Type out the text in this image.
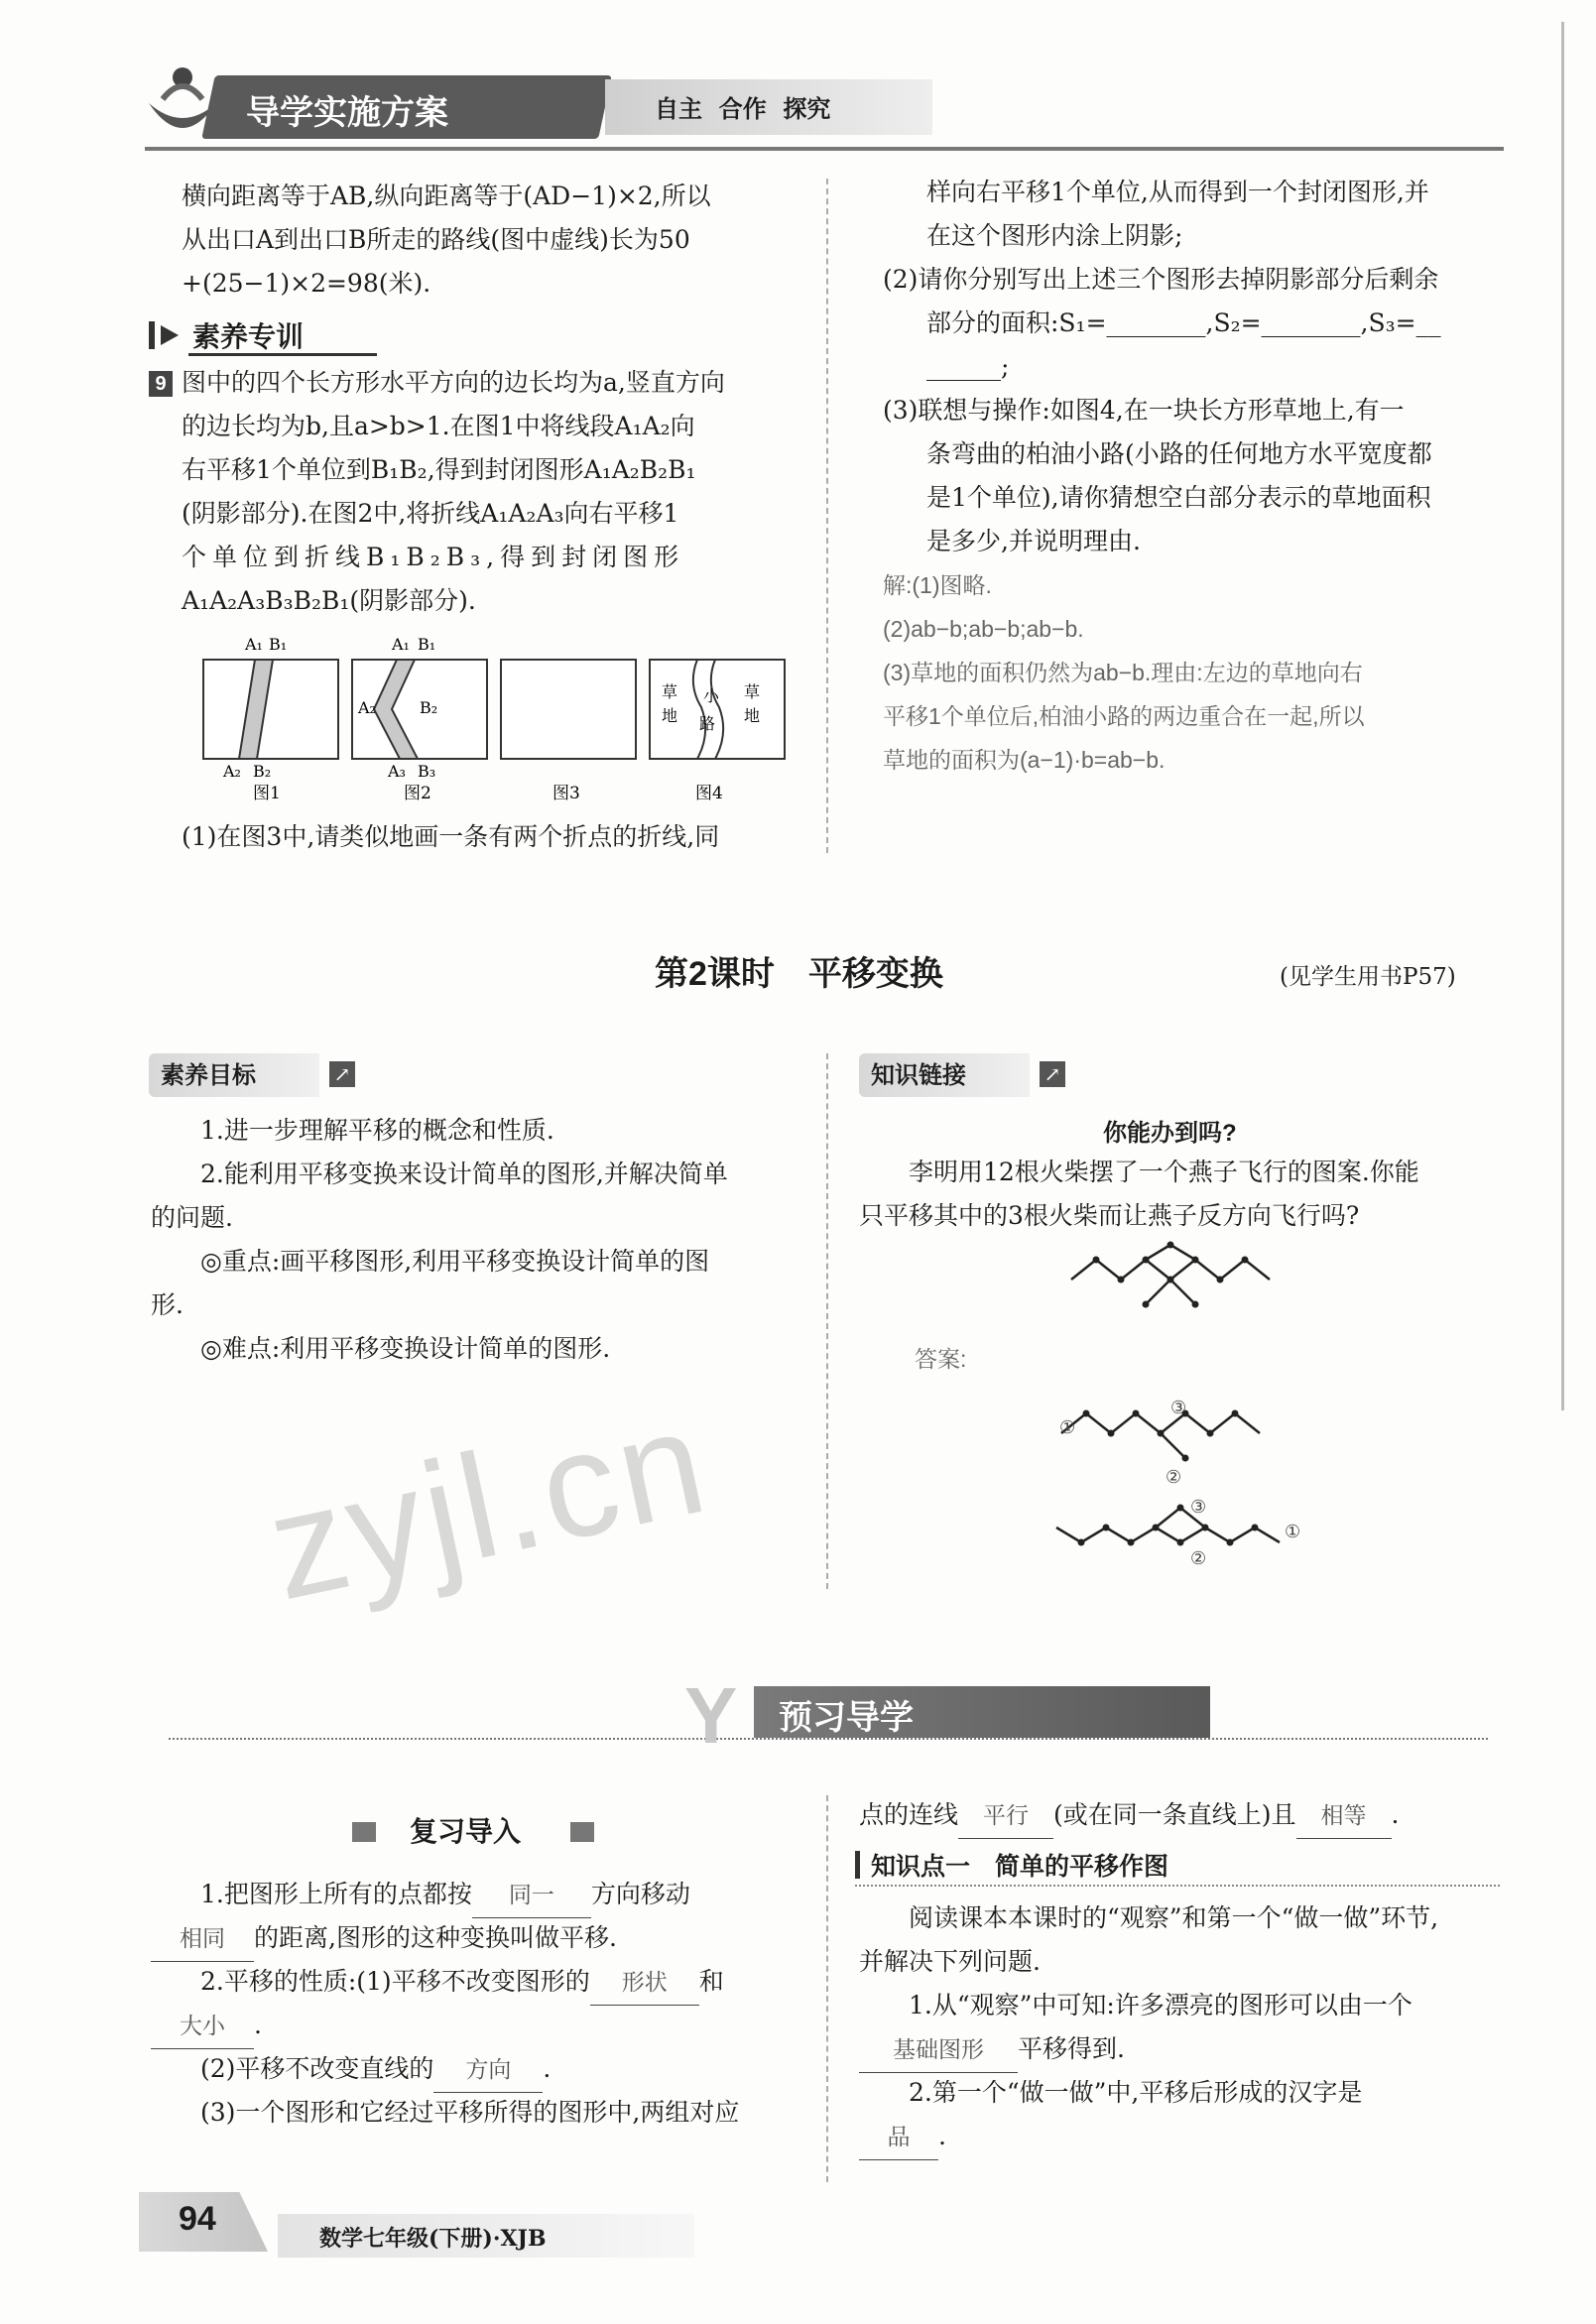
导学实施方案	自主  合作  探究
横向距离等于AB,纵向距离等于(AD−1)×2,所以
从出口A到出口B所走的路线(图中虚线)长为50
+(25−1)×2=98(米).
素养专训
9 图中的四个长方形水平方向的边长均为a,竖直方向
的边长均为b,且a>b>1.在图1中将线段A₁A₂向
右平移1个单位到B₁B₂,得到封闭图形A₁A₂B₂B₁
(阴影部分).在图2中,将折线A₁A₂A₃向右平移1
个单位到折线B₁B₂B₃,得到封闭图形
A₁A₂A₃B₃B₂B₁(阴影部分).
A₁ B₁
A₂ B₂
图1
A₁ B₁
A₂	B₂
A₃ B₃
图2	图3
草
地
小
路
草
地
图4
(1)在图3中,请类似地画一条有两个折点的折线,同
样向右平移1个单位,从而得到一个封闭图形,并
在这个图形内涂上阴影;
(2)请你分别写出上述三个图形去掉阴影部分后剩余
部分的面积:S₁=________,S₂=________,S₃=__
______;
(3)联想与操作:如图4,在一块长方形草地上,有一
条弯曲的柏油小路(小路的任何地方水平宽度都
是1个单位),请你猜想空白部分表示的草地面积
是多少,并说明理由.
解:(1)图略.
(2)ab−b;ab−b;ab−b.
(3)草地的面积仍然为ab−b.理由:左边的草地向右
平移1个单位后,柏油小路的两边重合在一起,所以
草地的面积为(a−1)·b=ab−b.
第2课时　平移变换	(见学生用书P57)
素养目标	↗
1.进一步理解平移的概念和性质.
2.能利用平移变换来设计简单的图形,并解决简单
的问题.
◎重点:画平移图形,利用平移变换设计简单的图
形.
◎难点:利用平移变换设计简单的图形.
知识链接	↗
你能办到吗?
李明用12根火柴摆了一个燕子飞行的图案.你能
只平移其中的3根火柴而让燕子反方向飞行吗?
答案:
①
②
③
①
②
③
zyjl.cn
Y 预习导学
复习导入
1.把图形上所有的点都按 同一 方向移动
相同 的距离,图形的这种变换叫做平移.
2.平移的性质:(1)平移不改变图形的 形状 和
大小 .
(2)平移不改变直线的 方向 .
(3)一个图形和它经过平移所得的图形中,两组对应
点的连线 平行 (或在同一条直线上)且 相等 .
知识点一　简单的平移作图
阅读课本本课时的“观察”和第一个“做一做”环节,
并解决下列问题.
1.从“观察”中可知:许多漂亮的图形可以由一个
基础图形 平移得到.
2.第一个“做一做”中,平移后形成的汉字是
品 .
94
数学七年级(下册)·XJB
